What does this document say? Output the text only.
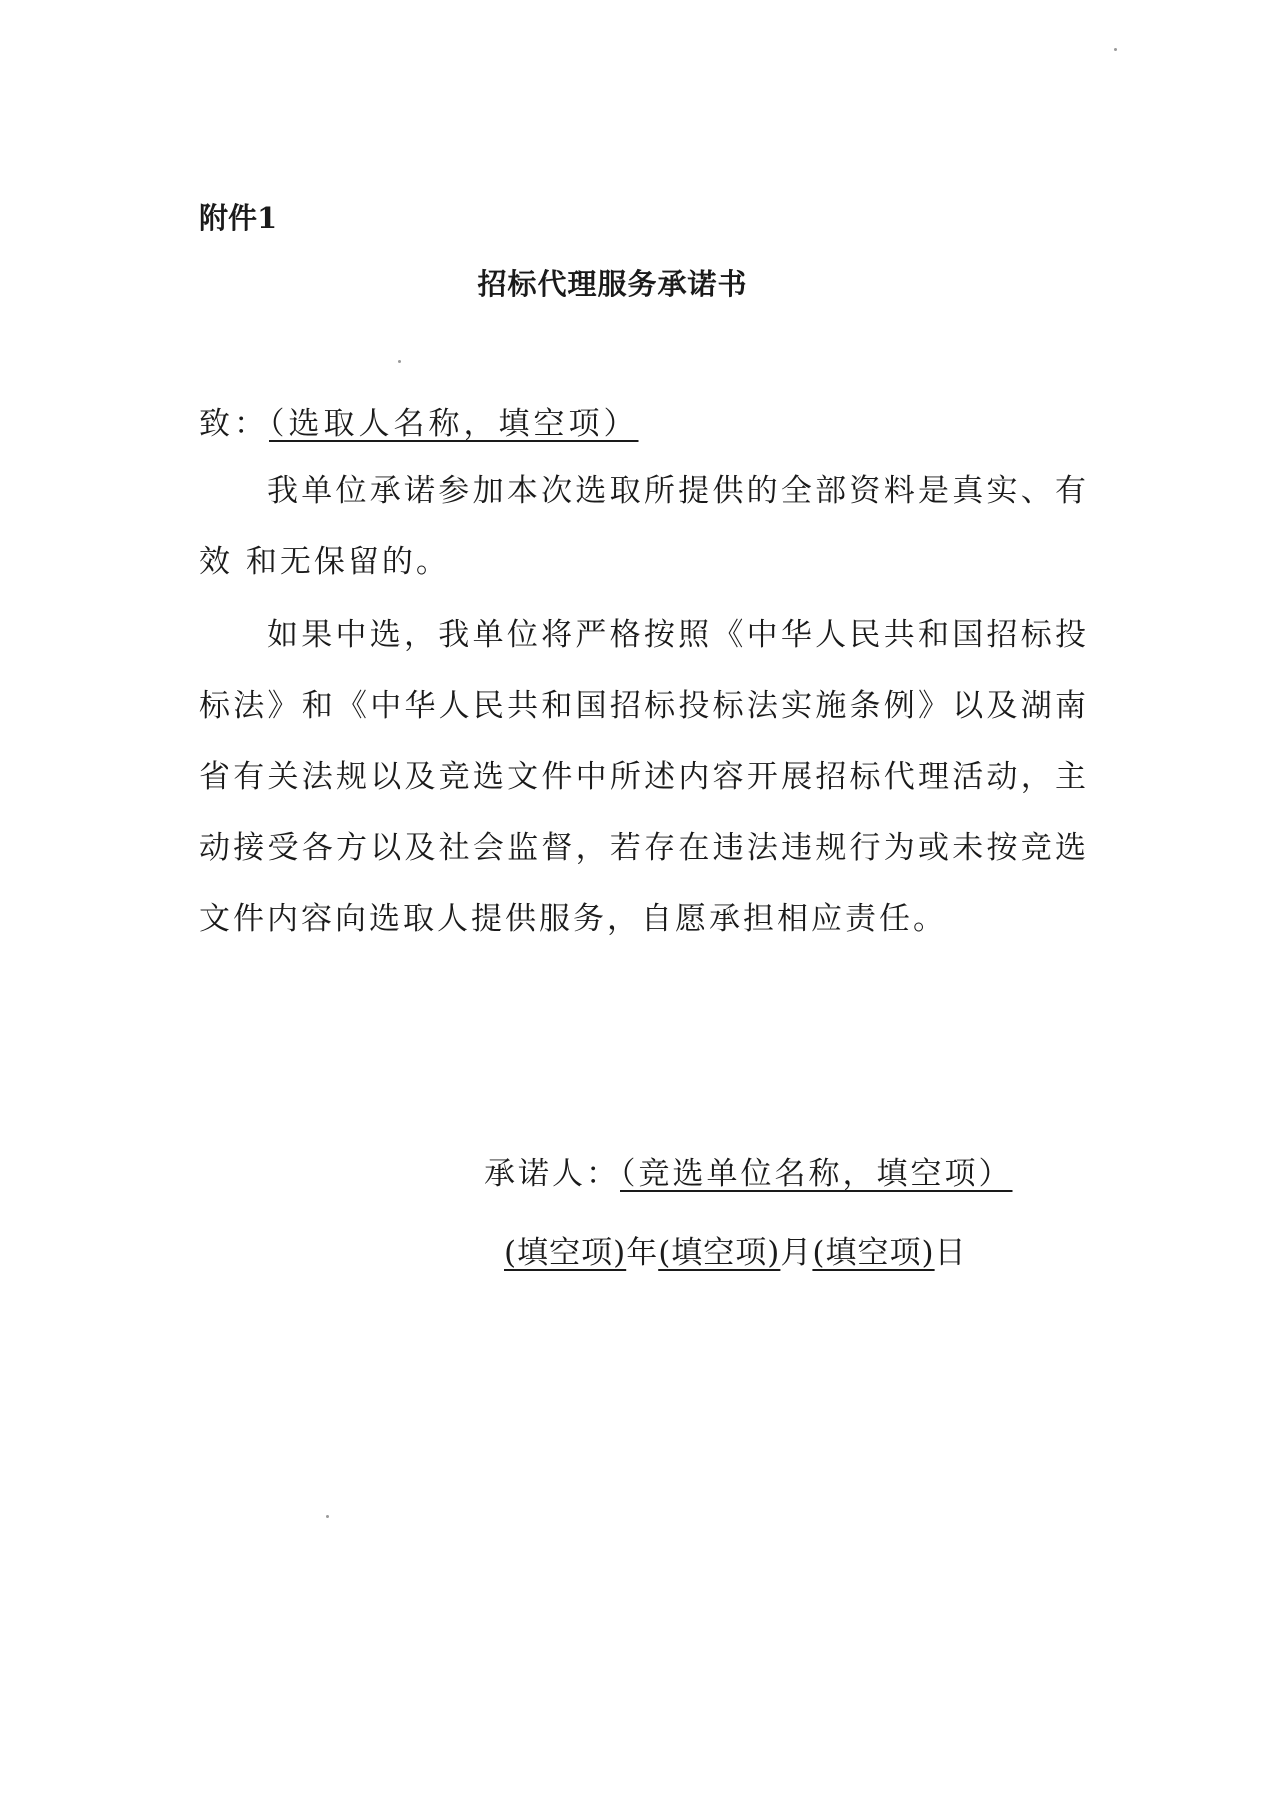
附件1
招标代理服务承诺书
致：（选取人名称，填空项）
我单位承诺参加本次选取所提供的全部资料是真实、有效 和无保留的。
如果中选，我单位将严格按照《中华人民共和国招标投标法》和《中华人民共和国招标投标法实施条例》以及湖南省有关法规以及竞选文件中所述内容开展招标代理活动，主动接受各方以及社会监督，若存在违法违规行为或未按竞选文件内容向选取人提供服务，自愿承担相应责任。
承诺人：（竞选单位名称，填空项）
(填空项)年(填空项)月(填空项)日
